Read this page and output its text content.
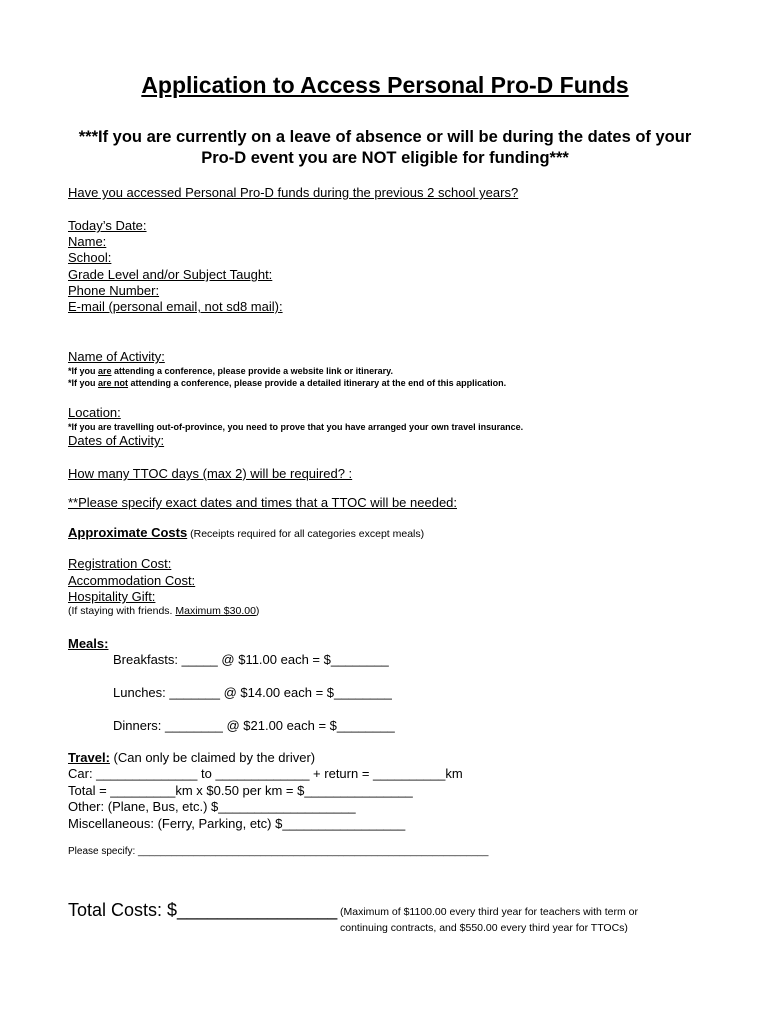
Application to Access Personal Pro-D Funds
***If you are currently on a leave of absence or will be during the dates of your Pro-D event you are NOT eligible for funding***
Have you accessed Personal Pro-D funds during the previous 2 school years?
Today’s Date:
Name:
School:
Grade Level and/or Subject Taught:
Phone Number:
E-mail (personal email, not sd8 mail):
Name of Activity:
*If you are attending a conference, please provide a website link or itinerary.
*If you are not attending a conference, please provide a detailed itinerary at the end of this application.
Location:
*If you are travelling out-of-province, you need to prove that you have arranged your own travel insurance.
Dates of Activity:
How many TTOC days (max 2) will be required? :
**Please specify exact dates and times that a TTOC will be needed:
Approximate Costs (Receipts required for all categories except meals)
Registration Cost:
Accommodation Cost:
Hospitality Gift:
(If staying with friends. Maximum $30.00)
Meals:
Breakfasts: _____ @ $11.00 each = $________
Lunches: _______ @ $14.00 each = $________
Dinners: ________ @ $21.00 each = $________
Travel: (Can only be claimed by the driver)
Car: ______________ to _____________ + return = __________km
Total = _________km x $0.50 per km = $_______________
Other: (Plane, Bus, etc.) $___________________
Miscellaneous: (Ferry, Parking, etc) $_________________
Please specify: _______________________________________________________________
Total Costs: $________________ (Maximum of $1100.00 every third year for teachers with term or continuing contracts, and $550.00 every third year for TTOCs)
